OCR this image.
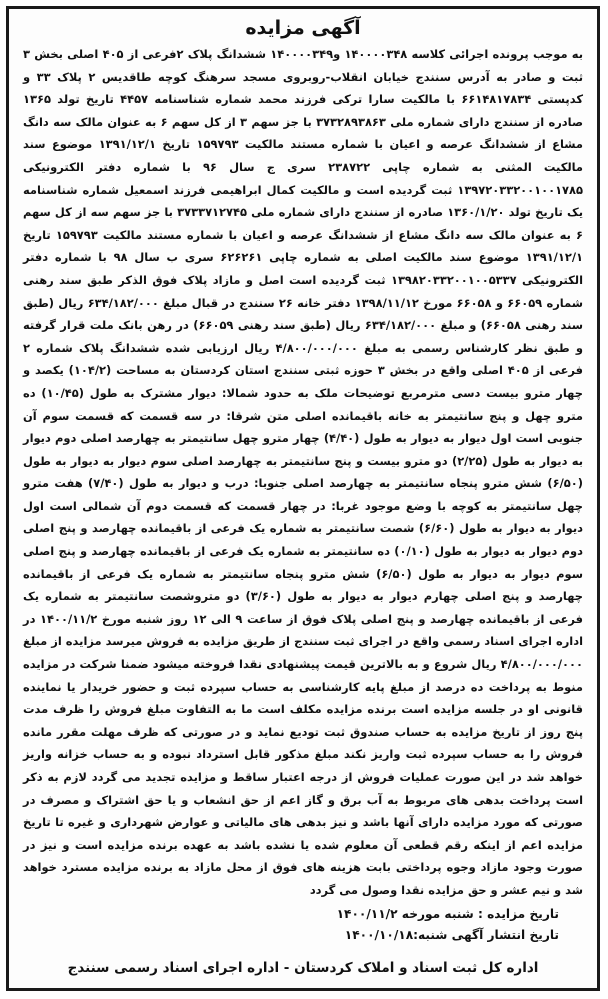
آگهی مزایده

به موجب پرونده اجرائی کلاسه ۱۴۰۰۰۰۳۴۸ و۱۴۰۰۰۰۳۴۹ ششدانگ پلاک ۲فرعی از ۴۰۵ اصلی بخش ۳ ثبت و صادر به آدرس سنندج خیابان انقلاب-روبروی مسجد سرهنگ کوچه طاقدیس ۲ پلاک ۳۳ و کدپستی ۶۶۱۴۸۱۷۸۳۴ با مالکیت سارا ترکی فرزند محمد شماره شناسنامه ۴۴۵۷ تاریخ تولد ۱۳۶۵ صادره از سنندج دارای شماره ملی ۳۷۳۲۸۹۳۸۶۳ با جز سهم ۳ از کل سهم ۶ به عنوان مالک سه دانگ مشاع از ششدانگ عرصه و اعیان با شماره مستند مالکیت ۱۵۹۷۹۳ تاریخ ۱۳۹۱/۱۲/۱ موضوع سند مالکیت المثنی به شماره چاپی ۲۳۸۷۲۲ سری ج سال ۹۶ با شماره دفتر الکترونیکی ۱۳۹۷۲۰۳۳۲۰۰۱۰۰۱۷۸۵ ثبت گردیده است و مالکیت کمال ابراهیمی فرزند اسمعیل شماره شناسنامه یک تاریخ تولد ۱۳۶۰/۱/۲۰ صادره از سنندج دارای شماره ملی ۳۷۳۳۷۱۲۷۴۵ با جز سهم سه از کل سهم ۶ به عنوان مالک سه دانگ مشاع از ششدانگ عرصه و اعیان با شماره مستند مالکیت ۱۵۹۷۹۳ تاریخ ۱۳۹۱/۱۲/۱ موضوع سند مالکیت اصلی به شماره چاپی ۶۲۶۲۶۱ سری ب سال ۹۸ با شماره دفتر الکترونیکی ۱۳۹۸۲۰۳۳۲۰۰۱۰۰۵۳۳۷ ثبت گردیده است اصل و مازاد پلاک فوق الذکر طبق سند رهنی شماره ۶۶۰۵۹ و ۶۶۰۵۸ مورخ ۱۳۹۸/۱۱/۱۲ دفتر خانه ۲۶ سنندج در قبال مبلغ ۶۳۴/۱۸۲/۰۰۰ ریال (طبق سند رهنی ۶۶۰۵۸) و مبلغ ۶۳۴/۱۸۲/۰۰۰ ریال (طبق سند رهنی ۶۶۰۵۹) در رهن بانک ملت قرار گرفته و طبق نظر کارشناس رسمی به مبلغ ۴/۸۰۰/۰۰۰/۰۰۰ ریال ارزیابی شده ششدانگ پلاک شماره ۲ فرعی از ۴۰۵ اصلی واقع در بخش ۳ حوزه ثبتی سنندج استان کردستان به مساحت (۱۰۴/۲) یکصد و چهار مترو بیست دسی مترمربع توضیحات ملک به حدود شمالا: دیوار مشترک به طول (۱۰/۴۵) ده مترو چهل و پنج سانتیمتر به خانه باقیمانده اصلی متن شرقا: در سه قسمت که قسمت سوم آن جنوبی است اول دیوار به دیوار به طول (۴/۴۰) چهار مترو چهل سانتیمتر به چهارصد اصلی دوم دیوار به دیوار به طول (۲/۲۵) دو مترو بیست و پنج سانتیمتر به چهارصد اصلی سوم دیوار به دیوار به طول (۶/۵۰) شش مترو پنجاه سانتیمتر به چهارصد اصلی جنوبا: درب و دیوار به طول (۷/۴۰) هفت مترو چهل سانتیمتر به کوچه با وضع موجود غربا: در چهار قسمت که قسمت دوم آن شمالی است اول دیوار به دیوار به طول (۶/۶۰) شصت سانتیمتر به شماره یک فرعی از باقیمانده چهارصد و پنج اصلی دوم دیوار به دیوار به طول (۰/۱۰) ده سانتیمتر به شماره یک فرعی از باقیمانده چهارصد و پنج اصلی سوم دیوار به دیوار به طول (۶/۵۰) شش مترو پنجاه سانتیمتر به شماره یک فرعی از باقیمانده چهارصد و پنج اصلی چهارم دیوار به دیوار به طول (۳/۶۰) دو متروشصت سانتیمتر به شماره یک فرعی از باقیمانده چهارصد و پنج اصلی پلاک فوق از ساعت ۹ الی ۱۲ روز شنبه مورخ ۱۴۰۰/۱۱/۲ در اداره اجرای اسناد رسمی واقع در اجرای ثبت سنندج از طریق مزایده به فروش میرسد مزایده از مبلغ ۴/۸۰۰/۰۰۰/۰۰۰ ریال شروع و به بالاترین قیمت پیشنهادی نقدا فروخته میشود ضمنا شرکت در مزایده منوط به پرداخت ده درصد از مبلغ پایه کارشناسی به حساب سپرده ثبت و حضور خریدار یا نماینده قانونی او در جلسه مزایده است برنده مزایده مکلف است ما به التفاوت مبلغ فروش را ظرف مدت پنج روز از تاریخ مزایده به حساب صندوق ثبت تودیع نماید و در صورتی که ظرف مهلت مقرر مانده فروش را به حساب سپرده ثبت واریز نکند مبلغ مذکور قابل استرداد نبوده و به حساب خزانه واریز خواهد شد در این صورت عملیات فروش از درجه اعتبار ساقط و مزایده تجدید می گردد لازم به ذکر است پرداخت بدهی های مربوط به آب برق و گاز اعم از حق انشعاب و یا حق اشتراک و مصرف در صورتی که مورد مزایده دارای آنها باشد و نیز بدهی های مالیاتی و عوارض شهرداری و غیره تا تاریخ مزایده اعم از اینکه رقم قطعی آن معلوم شده یا نشده باشد به عهده برنده مزایده است و نیز در صورت وجود مازاد وجوه پرداختی بابت هزینه های فوق از محل مازاد به برنده مزایده مسترد خواهد شد و نیم عشر و حق مزایده نقدا وصول می گردد

تاریخ مزایده : شنبه مورخه ۱۴۰۰/۱۱/۲
تاریخ انتشار آگهی شنبه:۱۴۰۰/۱۰/۱۸
اداره کل ثبت اسناد و املاک کردستان - اداره اجرای اسناد رسمی سنندج
